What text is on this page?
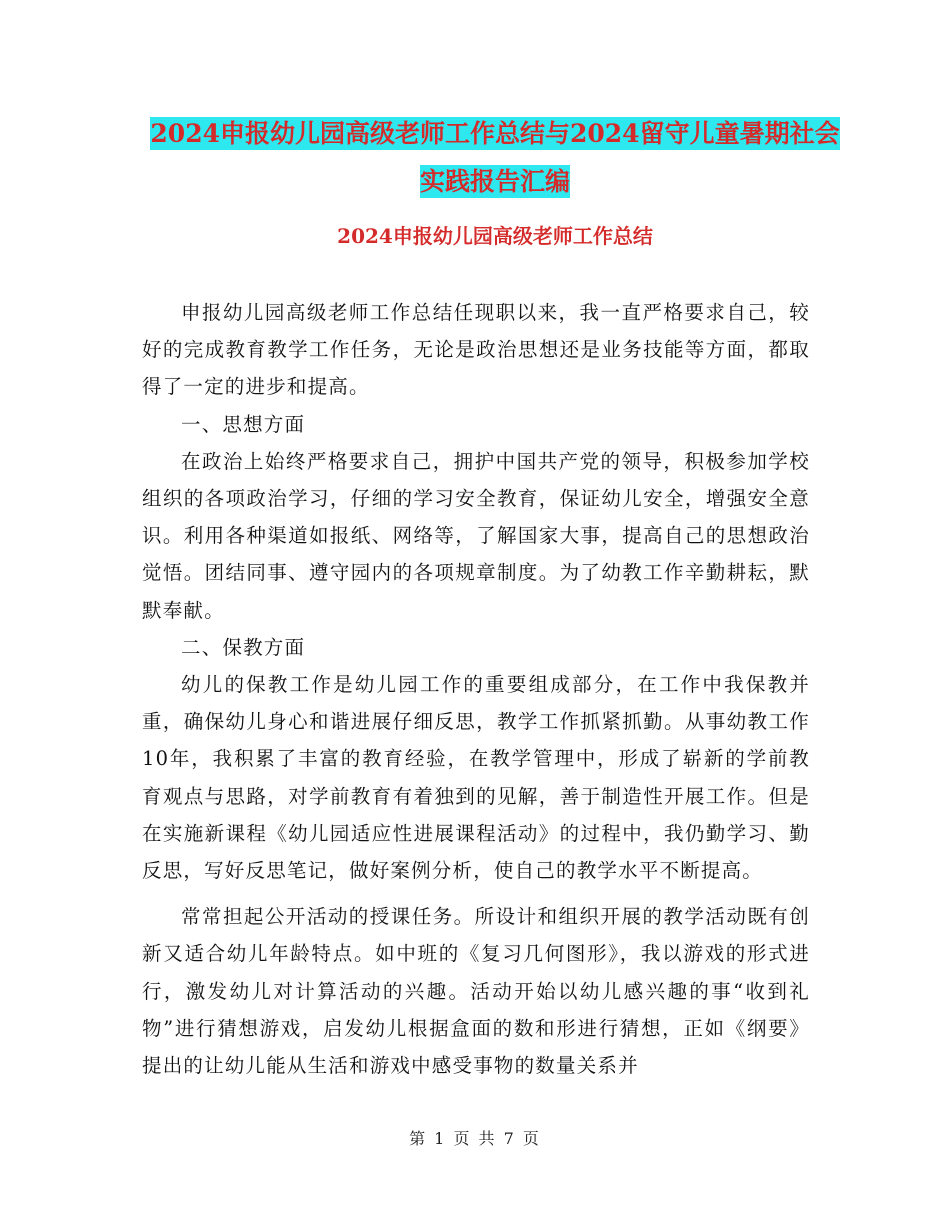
2024申报幼儿园高级老师工作总结与2024留守儿童暑期社会实践报告汇编
2024申报幼儿园高级老师工作总结

申报幼儿园高级老师工作总结任现职以来，我一直严格要求自己，较好的完成教育教学工作任务，无论是政治思想还是业务技能等方面，都取得了一定的进步和提高。

一、思想方面

在政治上始终严格要求自己，拥护中国共产党的领导，积极参加学校组织的各项政治学习，仔细的学习安全教育，保证幼儿安全，增强安全意识。利用各种渠道如报纸、网络等，了解国家大事，提高自己的思想政治觉悟。团结同事、遵守园内的各项规章制度。为了幼教工作辛勤耕耘，默默奉献。

二、保教方面

幼儿的保教工作是幼儿园工作的重要组成部分，在工作中我保教并重，确保幼儿身心和谐进展仔细反思，教学工作抓紧抓勤。从事幼教工作10年，我积累了丰富的教育经验，在教学管理中，形成了崭新的学前教育观点与思路，对学前教育有着独到的见解，善于制造性开展工作。但是在实施新课程《幼儿园适应性进展课程活动》的过程中，我仍勤学习、勤反思，写好反思笔记，做好案例分析，使自己的教学水平不断提高。

常常担起公开活动的授课任务。所设计和组织开展的教学活动既有创新又适合幼儿年龄特点。如中班的《复习几何图形》，我以游戏的形式进行，激发幼儿对计算活动的兴趣。活动开始以幼儿感兴趣的事“收到礼物”进行猜想游戏，启发幼儿根据盒面的数和形进行猜想，正如《纲要》提出的让幼儿能从生活和游戏中感受事物的数量关系并

第 1 页 共 7 页
